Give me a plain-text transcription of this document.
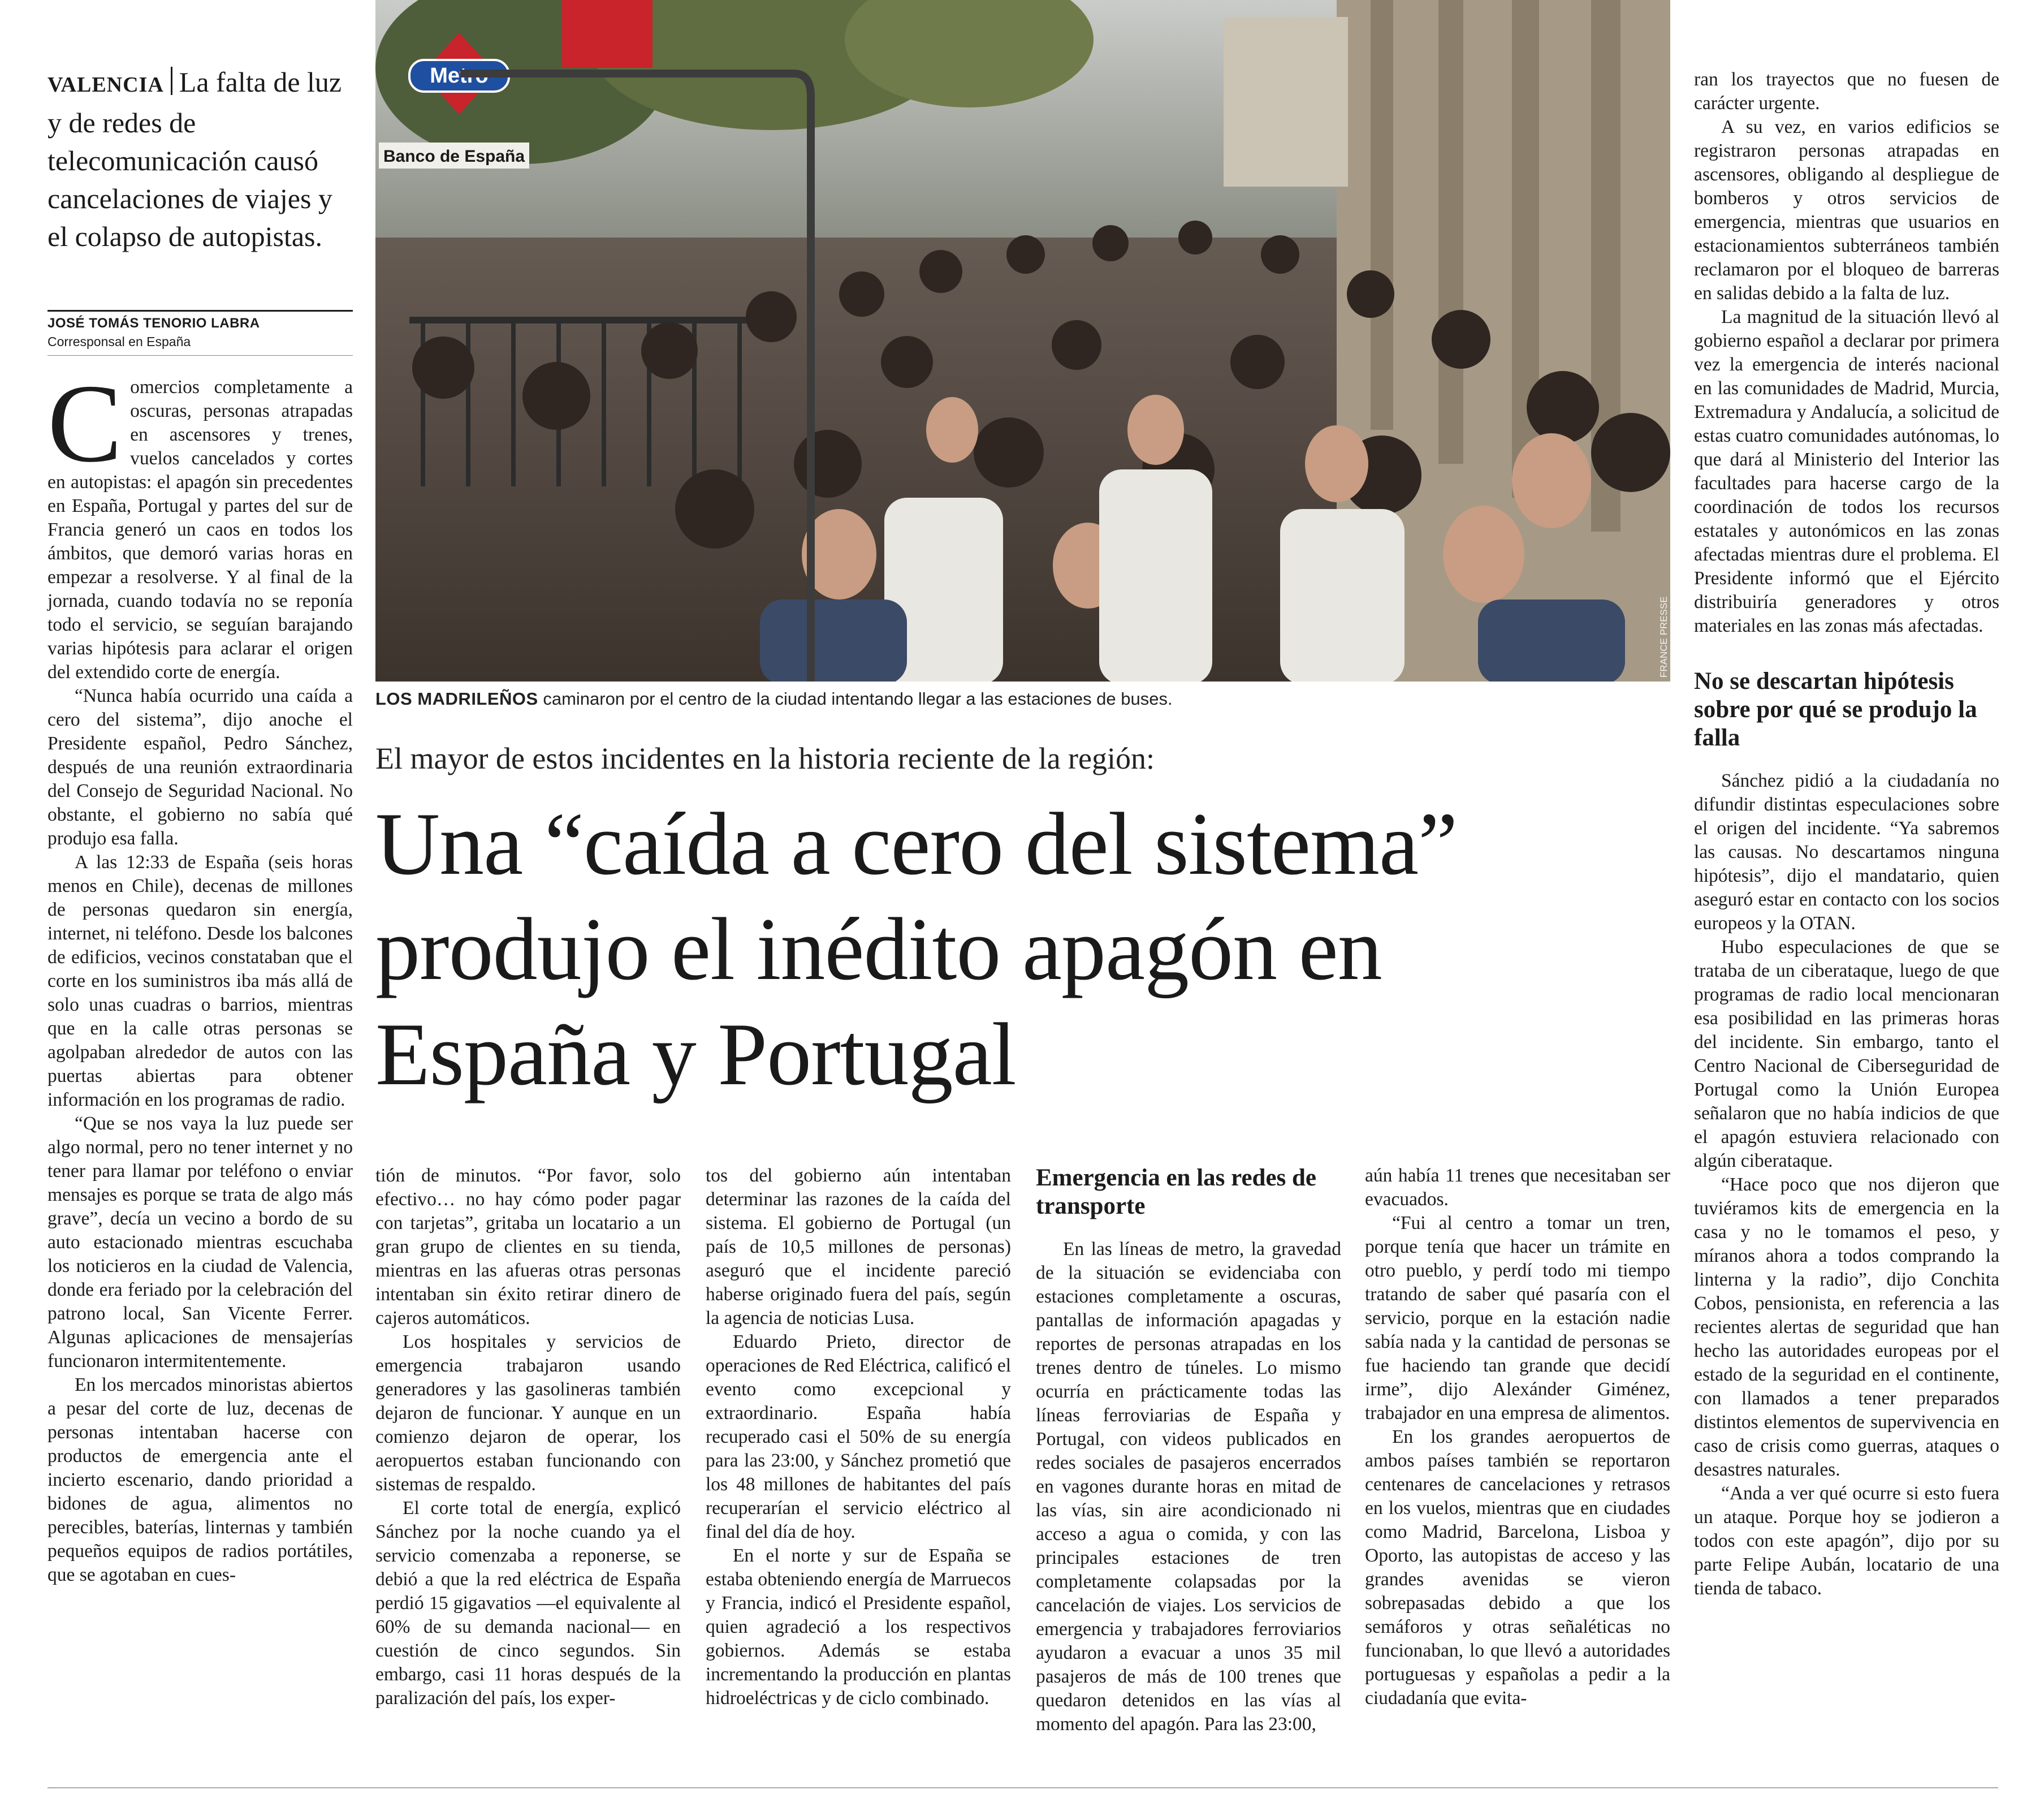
VALENCIA La falta de luz y de redes de telecomunicación causó cancelaciones de viajes y el colapso de autopistas.
JOSÉ TOMÁS TENORIO LABRA
Corresponsal en España
Metro
Banco de España
FRANCE PRESSE
LOS MADRILEÑOS caminaron por el centro de la ciudad intentando llegar a las estaciones de buses.
El mayor de estos incidentes en la historia reciente de la región:
Una “caída a cero del sistema”
produjo el inédito apagón en
España y Portugal

Comercios completamente a oscuras, personas atrapadas en ascensores y trenes, vuelos cancelados y cortes en autopistas: el apagón sin precedentes en España, Portugal y partes del sur de Francia generó un caos en todos los ámbitos, que demoró varias horas en empezar a resolverse. Y al final de la jornada, cuando todavía no se reponía todo el servicio, se seguían barajando varias hipótesis para aclarar el origen del extendido corte de energía.

“Nunca había ocurrido una caída a cero del sistema”, dijo anoche el Presidente español, Pedro Sánchez, después de una reunión extraordinaria del Consejo de Seguridad Nacional. No obstante, el gobierno no sabía qué produjo esa falla.

A las 12:33 de España (seis horas menos en Chile), decenas de millones de personas quedaron sin energía, internet, ni teléfono. Desde los balcones de edificios, vecinos constataban que el corte en los suministros iba más allá de solo unas cuadras o barrios, mientras que en la calle otras personas se agolpaban alrededor de autos con las puertas abiertas para obtener información en los programas de radio.

“Que se nos vaya la luz puede ser algo normal, pero no tener internet y no tener para llamar por teléfono o enviar mensajes es porque se trata de algo más grave”, decía un vecino a bordo de su auto estacionado mientras escuchaba los noticieros en la ciudad de Valencia, donde era feriado por la celebración del patrono local, San Vicente Ferrer. Algunas aplicaciones de mensajerías funcionaron intermitentemente.

En los mercados minoristas abiertos a pesar del corte de luz, decenas de personas intentaban hacerse con productos de emergencia ante el incierto escenario, dando prioridad a bidones de agua, alimentos no perecibles, baterías, linternas y también pequeños equipos de radios portátiles, que se agotaban en cues-

tión de minutos. “Por favor, solo efectivo… no hay cómo poder pagar con tarjetas”, gritaba un locatario a un gran grupo de clientes en su tienda, mientras en las afueras otras personas intentaban sin éxito retirar dinero de cajeros automáticos.

Los hospitales y servicios de emergencia trabajaron usando generadores y las gasolineras también dejaron de funcionar. Y aunque en un comienzo dejaron de operar, los aeropuertos estaban funcionando con sistemas de respaldo.

El corte total de energía, explicó Sánchez por la noche cuando ya el servicio comenzaba a reponerse, se debió a que la red eléctrica de España perdió 15 gigavatios —el equivalente al 60% de su demanda nacional— en cuestión de cinco segundos. Sin embargo, casi 11 horas después de la paralización del país, los exper-

tos del gobierno aún intentaban determinar las razones de la caída del sistema. El gobierno de Portugal (un país de 10,5 millones de personas) aseguró que el incidente pareció haberse originado fuera del país, según la agencia de noticias Lusa.

Eduardo Prieto, director de operaciones de Red Eléctrica, calificó el evento como excepcional y extraordinario. España había recuperado casi el 50% de su energía para las 23:00, y Sánchez prometió que los 48 millones de habitantes del país recuperarían el servicio eléctrico al final del día de hoy.

En el norte y sur de España se estaba obteniendo energía de Marruecos y Francia, indicó el Presidente español, quien agradeció a los respectivos gobiernos. Además se estaba incrementando la producción en plantas hidroeléctricas y de ciclo combinado.

Emergencia en las redes de transporte

En las líneas de metro, la gravedad de la situación se evidenciaba con estaciones completamente a oscuras, pantallas de información apagadas y reportes de personas atrapadas en los trenes dentro de túneles. Lo mismo ocurría en prácticamente todas las líneas ferroviarias de España y Portugal, con videos publicados en redes sociales de pasajeros encerrados en vagones durante horas en mitad de las vías, sin aire acondicionado ni acceso a agua o comida, y con las principales estaciones de tren completamente colapsadas por la cancelación de viajes. Los servicios de emergencia y trabajadores ferroviarios ayudaron a evacuar a unos 35 mil pasajeros de más de 100 trenes que quedaron detenidos en las vías al momento del apagón. Para las 23:00,

aún había 11 trenes que necesitaban ser evacuados.

“Fui al centro a tomar un tren, porque tenía que hacer un trámite en otro pueblo, y perdí todo mi tiempo tratando de saber qué pasaría con el servicio, porque en la estación nadie sabía nada y la cantidad de personas se fue haciendo tan grande que decidí irme”, dijo Alexánder Giménez, trabajador en una empresa de alimentos.

En los grandes aeropuertos de ambos países también se reportaron centenares de cancelaciones y retrasos en los vuelos, mientras que en ciudades como Madrid, Barcelona, Lisboa y Oporto, las autopistas de acceso y las grandes avenidas se vieron sobrepasadas debido a que los semáforos y otras señaléticas no funcionaban, lo que llevó a autoridades portuguesas y españolas a pedir a la ciudadanía que evita-

ran los trayectos que no fuesen de carácter urgente.

A su vez, en varios edificios se registraron personas atrapadas en ascensores, obligando al despliegue de bomberos y otros servicios de emergencia, mientras que usuarios en estacionamientos subterráneos también reclamaron por el bloqueo de barreras en salidas debido a la falta de luz.

La magnitud de la situación llevó al gobierno español a declarar por primera vez la emergencia de interés nacional en las comunidades de Madrid, Murcia, Extremadura y Andalucía, a solicitud de estas cuatro comunidades autónomas, lo que dará al Ministerio del Interior las facultades para hacerse cargo de la coordinación de todos los recursos estatales y autonómicos en las zonas afectadas mientras dure el problema. El Presidente informó que el Ejército distribuiría generadores y otros materiales en las zonas más afectadas.

No se descartan hipótesis sobre por qué se produjo la falla

Sánchez pidió a la ciudadanía no difundir distintas especulaciones sobre el origen del incidente. “Ya sabremos las causas. No descartamos ninguna hipótesis”, dijo el mandatario, quien aseguró estar en contacto con los socios europeos y la OTAN.

Hubo especulaciones de que se trataba de un ciberataque, luego de que programas de radio local mencionaran esa posibilidad en las primeras horas del incidente. Sin embargo, tanto el Centro Nacional de Ciberseguridad de Portugal como la Unión Europea señalaron que no había indicios de que el apagón estuviera relacionado con algún ciberataque.

“Hace poco que nos dijeron que tuviéramos kits de emergencia en la casa y no le tomamos el peso, y míranos ahora a todos comprando la linterna y la radio”, dijo Conchita Cobos, pensionista, en referencia a las recientes alertas de seguridad que han hecho las autoridades europeas por el estado de la seguridad en el continente, con llamados a tener preparados distintos elementos de supervivencia en caso de crisis como guerras, ataques o desastres naturales.

“Anda a ver qué ocurre si esto fuera un ataque. Porque hoy se jodieron a todos con este apagón”, dijo por su parte Felipe Aubán, locatario de una tienda de tabaco.
